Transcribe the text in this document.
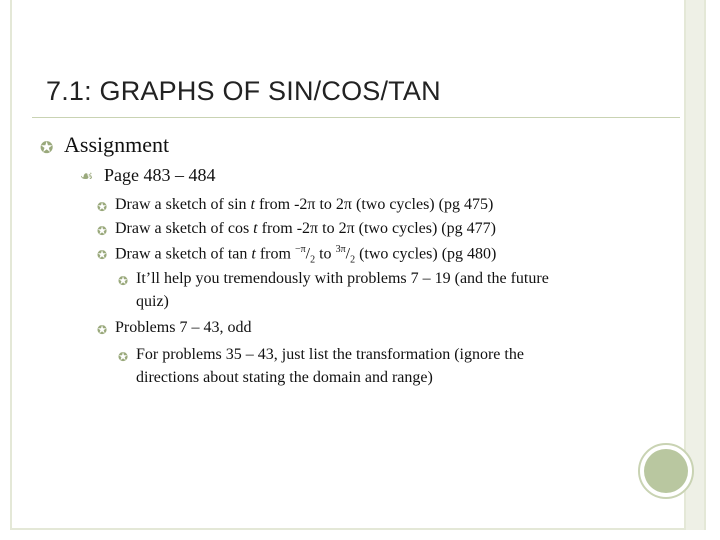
7.1: GRAPHS OF SIN/COS/TAN
✪ Assignment
☙ Page 483 – 484
✪ Draw a sketch of sin t from -2π to 2π (two cycles) (pg 475)
✪ Draw a sketch of cos t from -2π to 2π (two cycles) (pg 477)
✪ Draw a sketch of tan t from $^{-\pi}/_2$ to $^{3\pi}/_2$ (two cycles) (pg 480)
✪ It’ll help you tremendously with problems 7 – 19 (and the future
quiz)
✪ Problems 7 – 43, odd
✪ For problems 35 – 43, just list the transformation (ignore the
directions about stating the domain and range)
